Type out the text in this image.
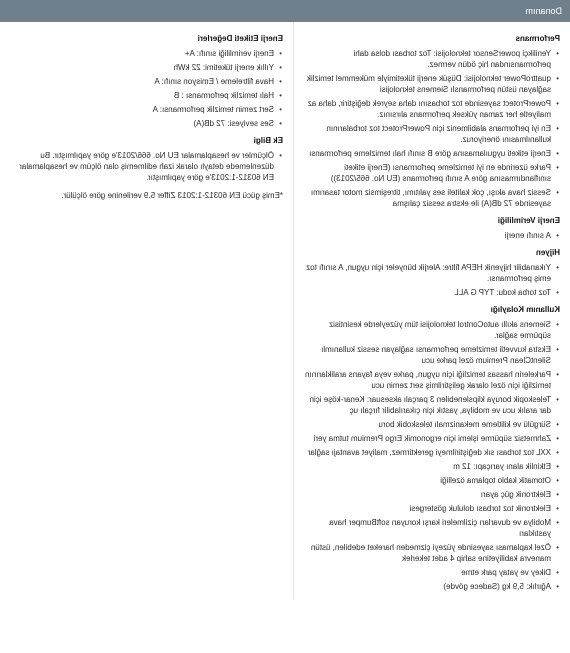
Donanım
Performans
• Yenilikçi powerSensor teknolojisi: Toz torbası dolsa dahi performansından hiç ödün vermez.
• quattroPower teknolojisi: Düşük enerji tüketimiyle mükemmel temizlik sağlayan üstün performanslı Siemens teknolojisi
• PowerProtect sayesinde toz torbasını daha seyrek değiştirir, daha az maliyetle her zaman yüksek performans alırsınız.
• En iyi performans alabilmeniz için PowerProtect toz torbalarının kullanılmasını öneriyoruz.
• Enerji etiketi uyguılamasına göre B sınıfı halı temizleme performansı
• Parke üzerinde en iyi temizleme performansı (Enerji etiketi sınıflandırmasına göre A sınıfı performans (EU No. 665/2013))
• Sessiz hava akışı, çok kaliteli ses yalıtımı, titreşimsiz motor tasarımı sayesinde 72 dB(A) ile ekstra sessiz çalışma
Enerji Verimliliği
• A sınıfı enerji
Hijyen
• Yıkanabilir hijyenik HEPA filtre: Alerjik bünyeler için uygun, A sınıfı toz emiş performansı.
• Toz torba kodu: TYP G ALL
Kullanım Kolaylığı
• Siemens akıllı autoControl teknolojisi tüm yüzeylerde kesintisiz süpürme sağlar.
• Ekstra kuvvetli temizleme performansı sağlayan sessiz kullanımlı SilentClean Premium özel parke ucu
• Parkelerin hassas temizliği için uygun, parke veya fayans araliklarının temizliği için özel olarak geliştirilmiş sert zemin ucu
• Teleskopik boruya klipslenebilen 3 parçalı aksesuar: Kenar-köşe için dar aralık ucu ve mobilya, yastık için çıkarılabilir fırçalı uç
• Sürgülü ve kilitleme mekanizmalı teleskobik boru
• Zahmetsiz süpürme işlemi için ergonomik Ergo Premium tutma yeri
• XXL toz torbası sık değiştirilmeyi gerektirmez, maliyet avantajı sağlar
• Etkinlik alanı yarıçapı: 12 m
• Otomatik kablo toplama özelliği
• Elektronik güç ayarı
• Elektronik toz torbası doluluk göstergesi
• Mobilya ve duvarları çizilmeleri karşı koruyan softBumper hava yastıkları
• Özel kaplaması sayesinde yüzeyi çizmeden hareket edebilen, üstün manevra kabiliyetine sahip 4 adet tekerlek
• Dikey ve yatay park etme
• Ağırlık: 5,9 kg (Sadece gövde)
Enerji Etiketi Değerleri
• Enerji verimliliği sınıfı: A+
• Yıllık enerji tüketimi: 22 kWh
• Hava filtreleme / Emisyon sınıfı: A
• Halı temizlik performansı : B
• Sert zemin temizlik performansı: A
• Ses seviyesi: 72 dB(A)
Ek Bilgi
• Ölçümler ve hesaplamalar EU No. 666/2013'e göre yapılmıştır. Bu düzenlemede detaylı olarak izah edilmemiş olan ölçüm ve hesaplamalar EN 60312-1:2013'e göre yapılmıştır.

*Emiş gücü EN 60312-1:2013 Ziffer 5.9 verilenine göre ölçülür.
